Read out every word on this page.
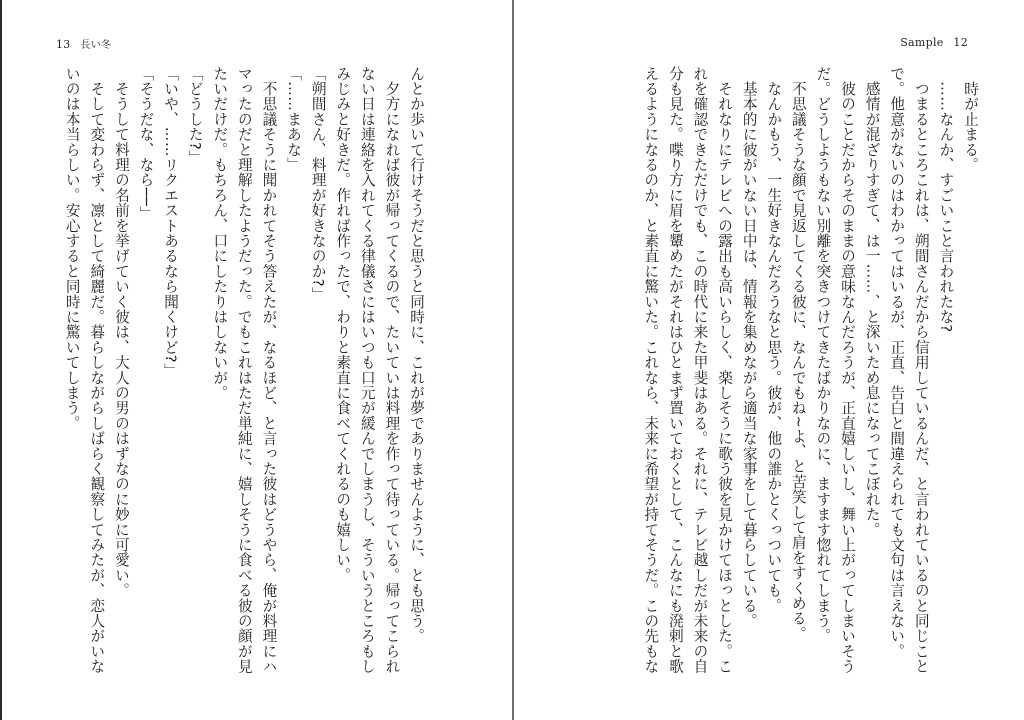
13 長い冬
んとか歩いて行けそうだと思うと同時に、これが夢でありませんように、とも思う。
　夕方になれば彼が帰ってくるので、たいていは料理を作って待っている。帰ってこられ
ない日は連絡を入れてくる律儀さにはいつも口元が緩んでしまうし、そういうところもし
みじみと好きだ。作れば作ったで、わりと素直に食べてくれるのも嬉しい。
「朔間さん、料理が好きなのか?」
「……まあな」
　不思議そうに聞かれてそう答えたが、なるほど、と言った彼はどうやら、俺が料理にハ
マったのだと理解したようだった。でもこれはただ単純に、嬉しそうに食べる彼の顔が見
たいだけだ。もちろん、口にしたりはしないが。
「どうした?」
「いや、……リクエストあるなら聞くけど?」
「そうだな、なら──」
　そうして料理の名前を挙げていく彼は、大人の男のはずなのに妙に可愛い。
　そして変わらず、凛として綺麗だ。暮らしながらしばらく観察してみたが、恋人がいな
いのは本当らしい。安心すると同時に驚いてしまう。
Sample 12
　時が止まる。
　……なんか、すごいこと言われたな?
　つまるところこれは、朔間さんだから信用しているんだ、と言われているのと同じこと
で。他意がないのはわかってはいるが、正直、告白と間違えられても文句は言えない。
　感情が混ざりすぎて、は一……、と深いため息になってこぼれた。
　彼のことだからそのままの意味なんだろうが、正直嬉しいし、舞い上がってしまいそう
だ。どうしようもない別離を突きつけてきたばかりなのに、ますます惚れてしまう。
　不思議そうな顔で見返してくる彼に、なんでもね~よ、と苦笑して肩をすくめる。
　なんかもう、一生好きなんだろうなと思う。彼が、他の誰かとくっついても。
　基本的に彼がいない日中は、情報を集めながら適当な家事をして暮らしている。
　それなりにテレビへの露出も高いらしく、楽しそうに歌う彼を見かけてほっとした。こ
れを確認できただけでも、この時代に来た甲斐はある。それに、テレビ越しだが未来の自
分も見た。喋り方に眉を顰めたがそれはひとまず置いておくとして、こんなにも溌剌と歌
えるようになるのか、と素直に驚いた。これなら、未来に希望が持てそうだ。この先もな
